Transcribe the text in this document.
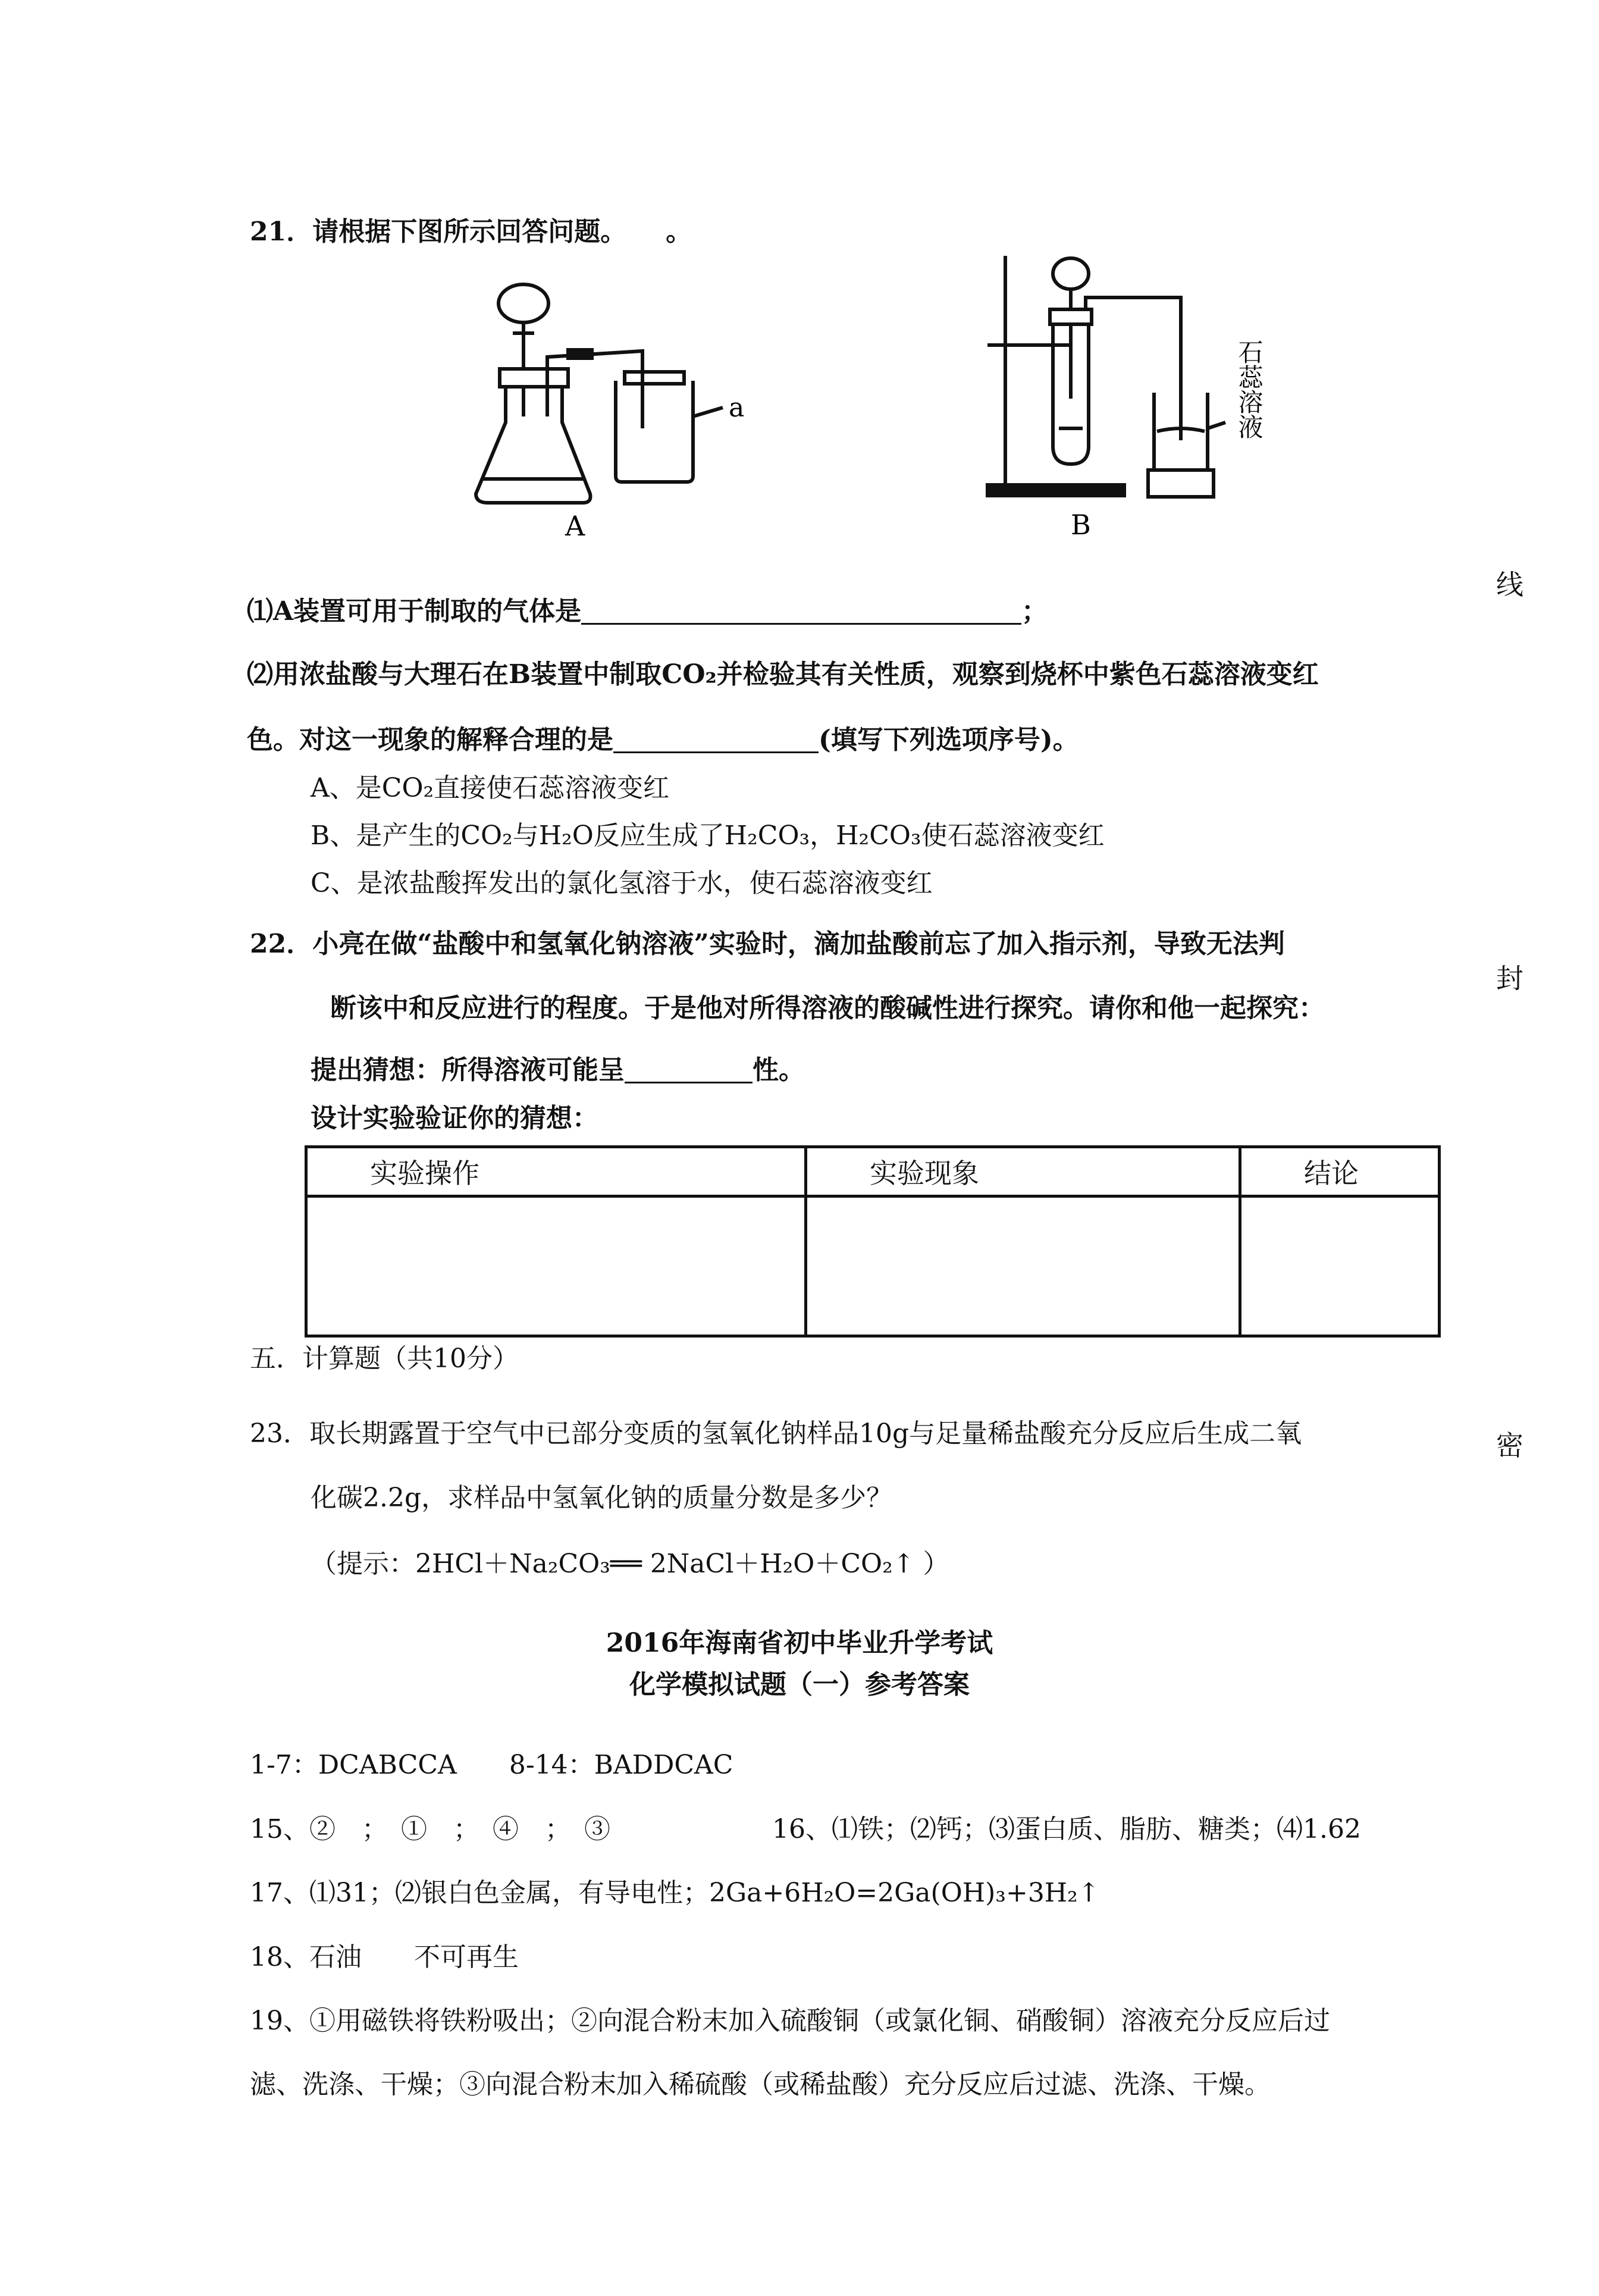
21．请根据下图所示回答问题。　　。
a
A
石蕊溶液
B
⑴A装置可用于制取的气体是	；
⑵用浓盐酸与大理石在B装置中制取CO₂并检验其有关性质，观察到烧杯中紫色石蕊溶液变红
色。对这一现象的解释合理的是	(填写下列选项序号)。
A、是CO₂直接使石蕊溶液变红
B、是产生的CO₂与H₂O反应生成了H₂CO₃，H₂CO₃使石蕊溶液变红
C、是浓盐酸挥发出的氯化氢溶于水，使石蕊溶液变红
22．小亮在做“盐酸中和氢氧化钠溶液”实验时，滴加盐酸前忘了加入指示剂，导致无法判
断该中和反应进行的程度。于是他对所得溶液的酸碱性进行探究。请你和他一起探究：
提出猜想：所得溶液可能呈	性。
设计实验验证你的猜想：
实验操作	实验现象	结论

五．计算题（共10分）
23．取长期露置于空气中已部分变质的氢氧化钠样品10g与足量稀盐酸充分反应后生成二氧
化碳2.2g，求样品中氢氧化钠的质量分数是多少？
（提示：2HCl＋Na₂CO₃══ 2NaCl＋H₂O＋CO₂↑ ）
2016年海南省初中毕业升学考试
化学模拟试题（一）参考答案
1-7：DCABCCA　　8-14：BADDCAC
15、②　；　①　；　④　；　③	16、⑴铁；⑵钙；⑶蛋白质、脂肪、糖类；⑷1.62
17、⑴31；⑵银白色金属，有导电性；2Ga+6H₂O=2Ga(OH)₃+3H₂↑
18、石油　　不可再生
19、①用磁铁将铁粉吸出；②向混合粉末加入硫酸铜（或氯化铜、硝酸铜）溶液充分反应后过
滤、洗涤、干燥；③向混合粉末加入稀硫酸（或稀盐酸）充分反应后过滤、洗涤、干燥。
线
封
密
